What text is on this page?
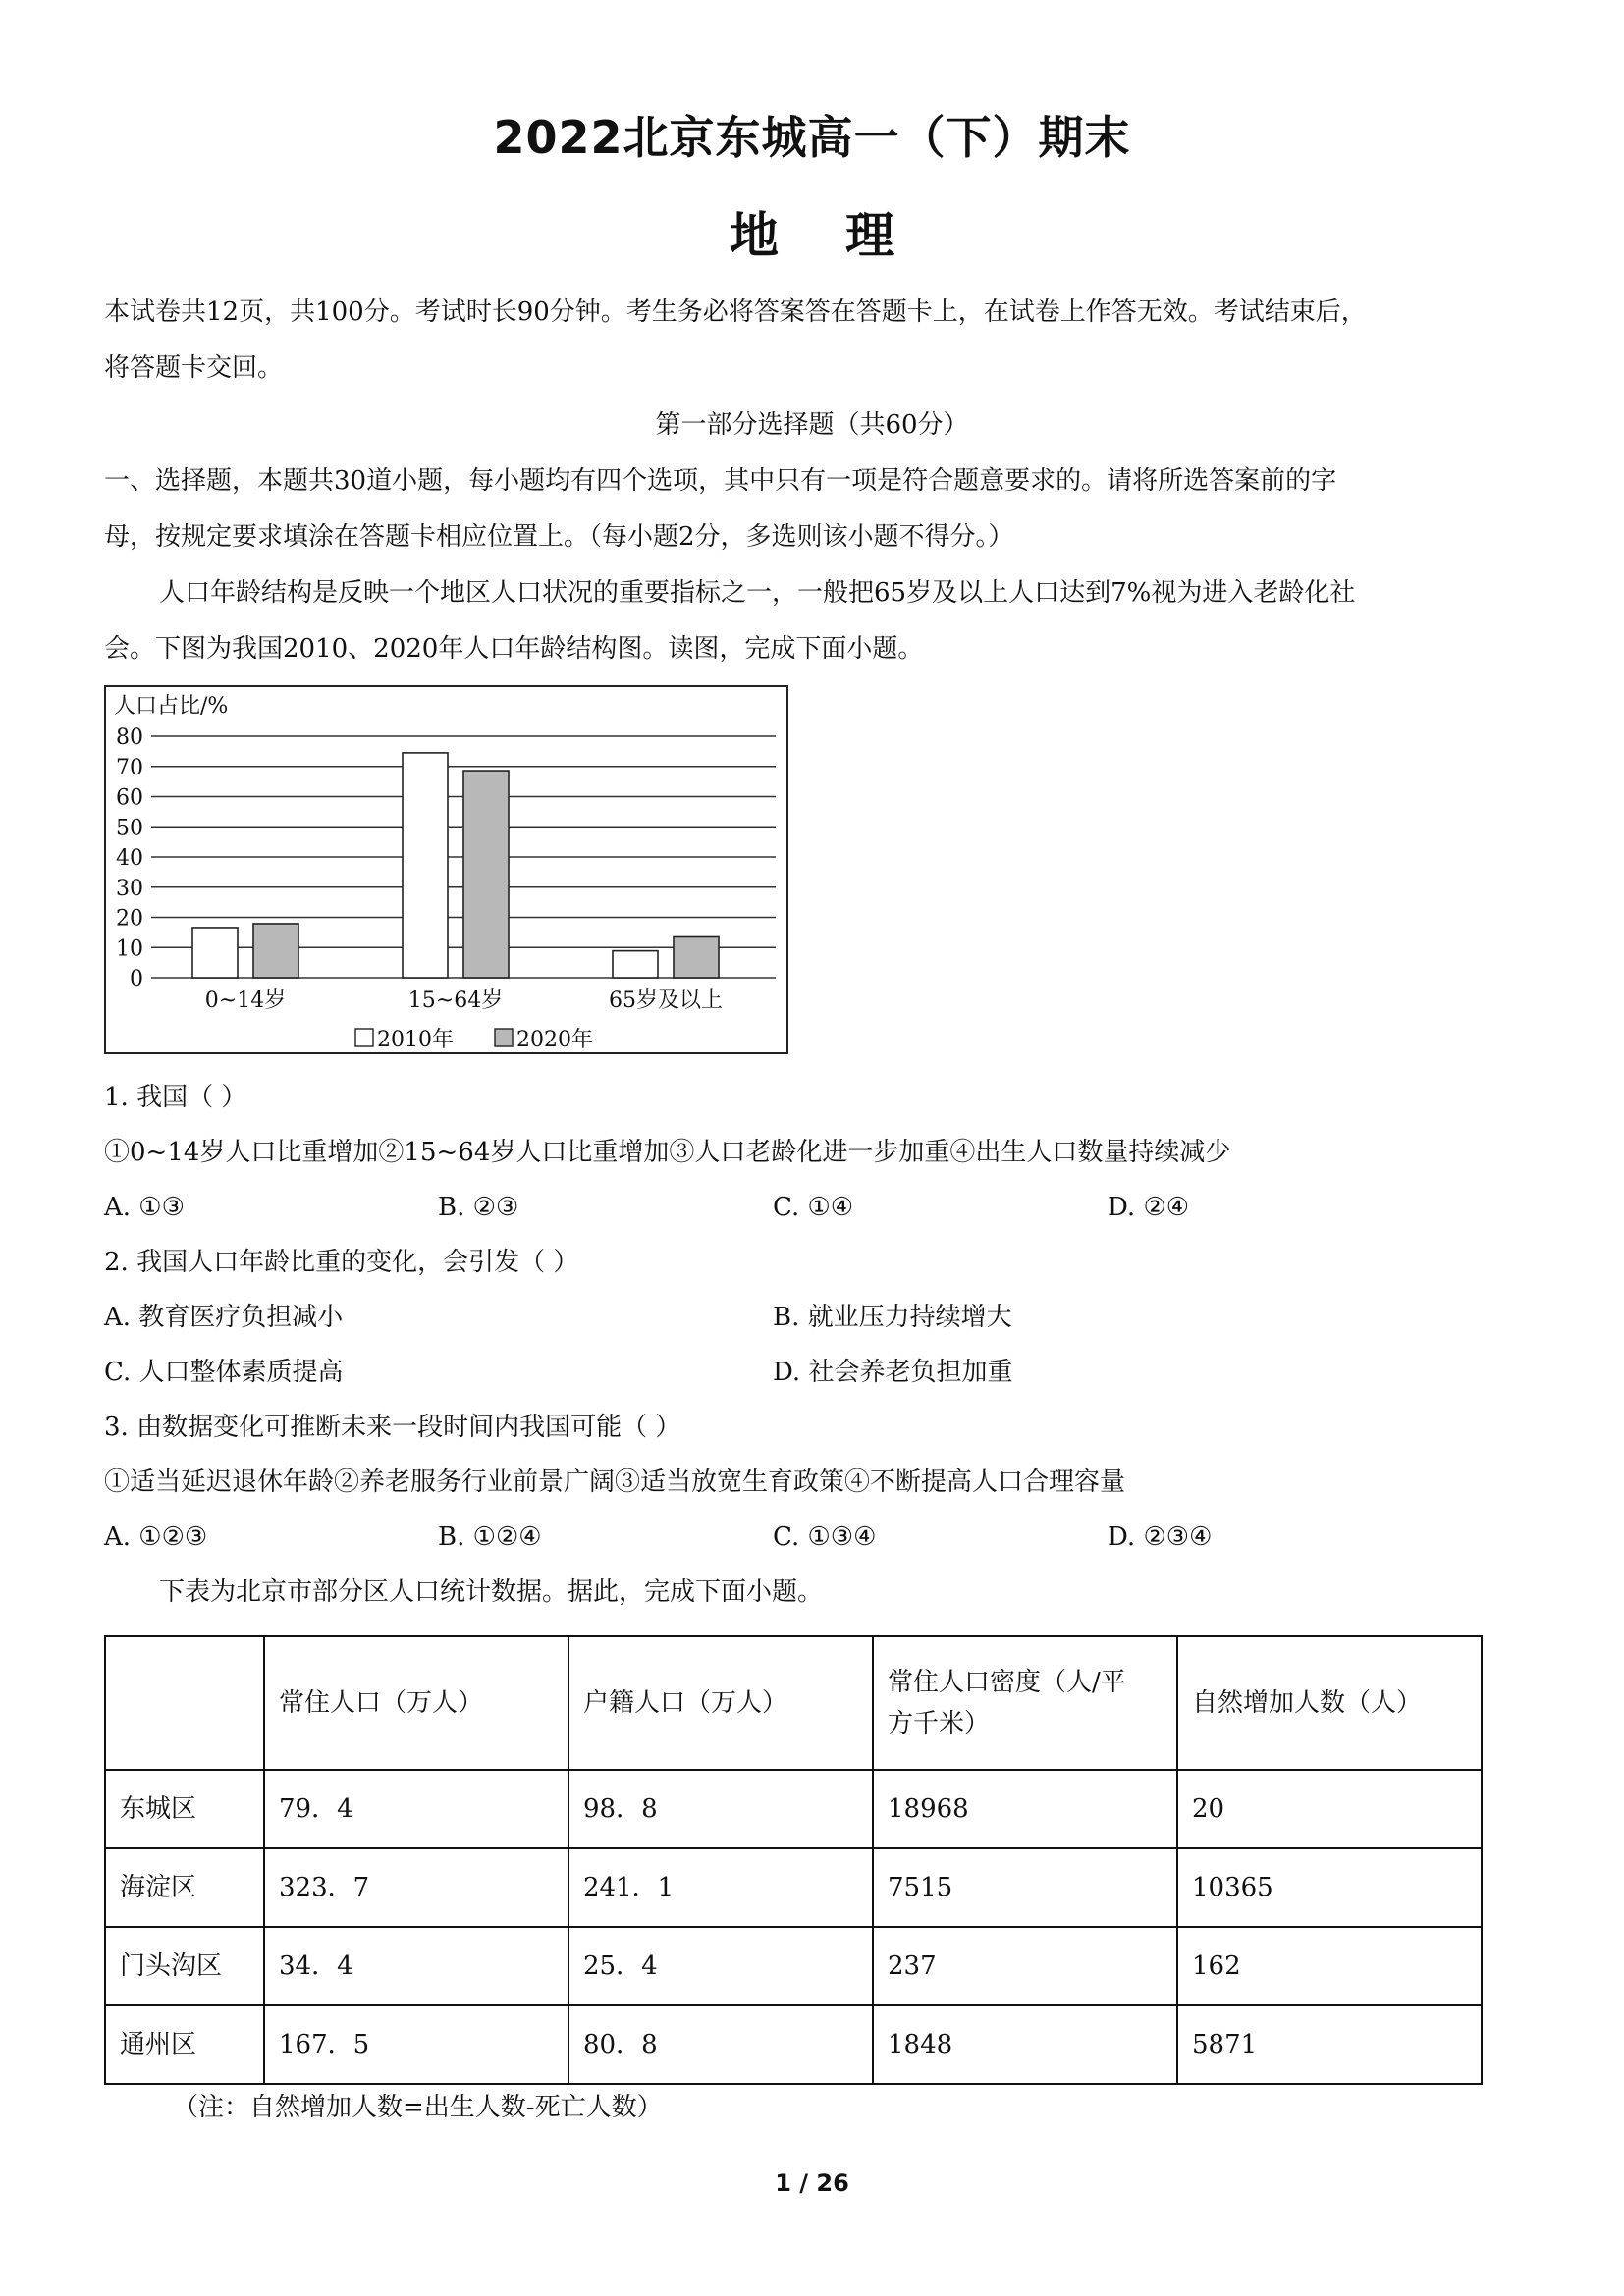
2022北京东城高一（下）期末
地 理
本试卷共12页，共100分。考试时长90分钟。考生务必将答案答在答题卡上，在试卷上作答无效。考试结束后，
将答题卡交回。
第一部分选择题（共60分）
一、选择题，本题共30道小题，每小题均有四个选项，其中只有一项是符合题意要求的。请将所选答案前的字
母，按规定要求填涂在答题卡相应位置上。（每小题2分，多选则该小题不得分。）
人口年龄结构是反映一个地区人口状况的重要指标之一，一般把65岁及以上人口达到7%视为进入老龄化社
会。下图为我国2010、2020年人口年龄结构图。读图，完成下面小题。
人口占比/%
80
70
60
50
40
30
20
10
0
0~14岁	15~64岁	65岁及以上
2010年	2020年
1. 我国（ ）
①0~14岁人口比重增加②15~64岁人口比重增加③人口老龄化进一步加重④出生人口数量持续减少
A. ①③	B. ②③	C. ①④	D. ②④
2. 我国人口年龄比重的变化，会引发（ ）
A. 教育医疗负担减小	B. 就业压力持续增大
C. 人口整体素质提高	D. 社会养老负担加重
3. 由数据变化可推断未来一段时间内我国可能（ ）
①适当延迟退休年龄②养老服务行业前景广阔③适当放宽生育政策④不断提高人口合理容量
A. ①②③	B. ①②④	C. ①③④	D. ②③④
下表为北京市部分区人口统计数据。据此，完成下面小题。
	常住人口（万人）	户籍人口（万人）	常住人口密度（人/平
方千米）	自然增加人数（人）
东城区	79．4	98．8	18968	20
海淀区	323．7	241．1	7515	10365
门头沟区	34．4	25．4	237	162
通州区	167．5	80．8	1848	5871
（注：自然增加人数=出生人数-死亡人数）
1 / 26
